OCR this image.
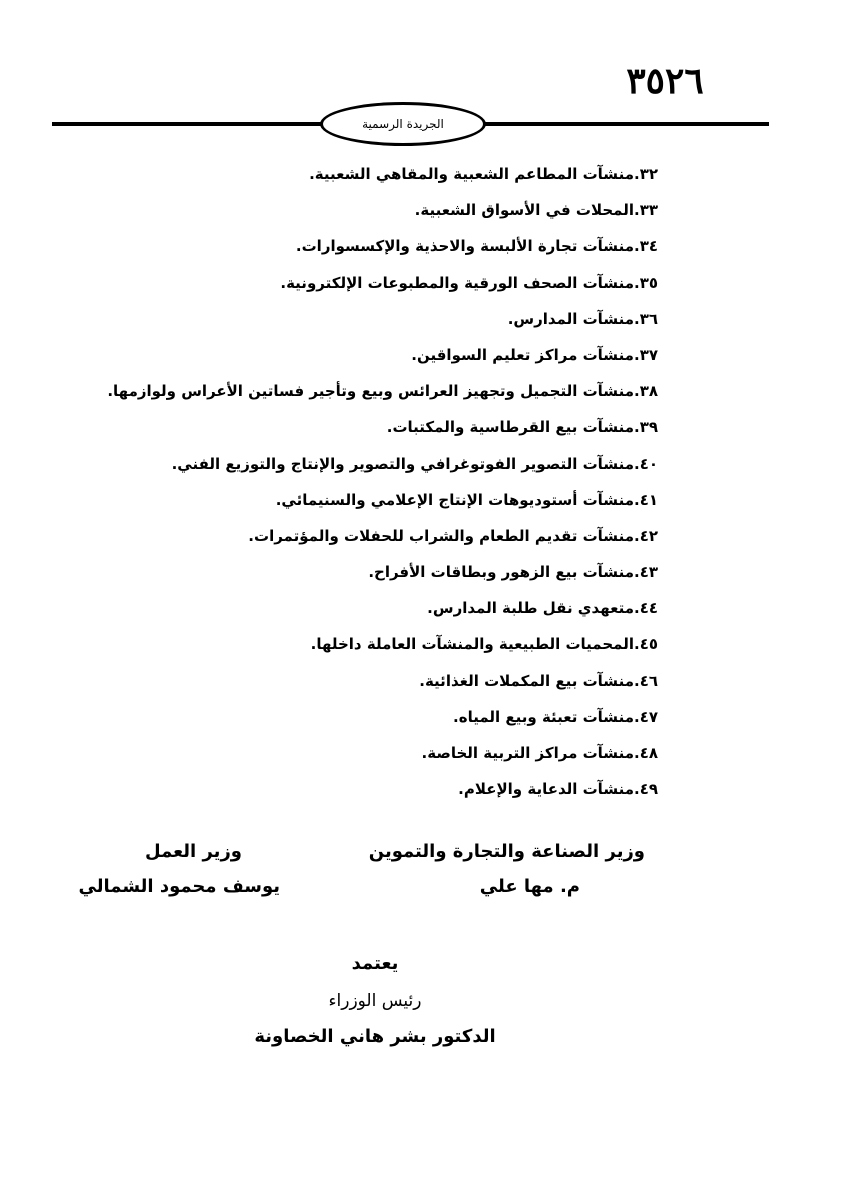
٣٥٢٦
الجريدة الرسمية
٣٢.منشآت المطاعم الشعبية والمقاهي الشعبية.
٣٣.المحلات في الأسواق الشعبية.
٣٤.منشآت تجارة الألبسة والاحذية والإكسسوارات.
٣٥.منشآت الصحف الورقية والمطبوعات الإلكترونية.
٣٦.منشآت المدارس.
٣٧.منشآت مراكز تعليم السواقين.
٣٨.منشآت التجميل وتجهيز العرائس وبيع وتأجير فساتين الأعراس ولوازمها.
٣٩.منشآت بيع القرطاسية والمكتبات.
٤٠.منشآت التصوير الفوتوغرافي والتصوير والإنتاج والتوزيع الفني.
٤١.منشآت أستوديوهات الإنتاج الإعلامي والسنيمائي.
٤٢.منشآت تقديم الطعام والشراب للحفلات والمؤتمرات.
٤٣.منشآت بيع الزهور وبطاقات الأفراح.
٤٤.متعهدي نقل طلبة المدارس.
٤٥.المحميات الطبيعية والمنشآت العاملة داخلها.
٤٦.منشآت بيع المكملات الغذائية.
٤٧.منشآت تعبئة وبيع المياه.
٤٨.منشآت مراكز التربية الخاصة.
٤٩.منشآت الدعاية والإعلام.
وزير الصناعة والتجارة والتموين
م. مها علي
وزير العمل
يوسف محمود الشمالي
يعتمد
رئيس الوزراء
الدكتور بشر هاني الخصاونة
